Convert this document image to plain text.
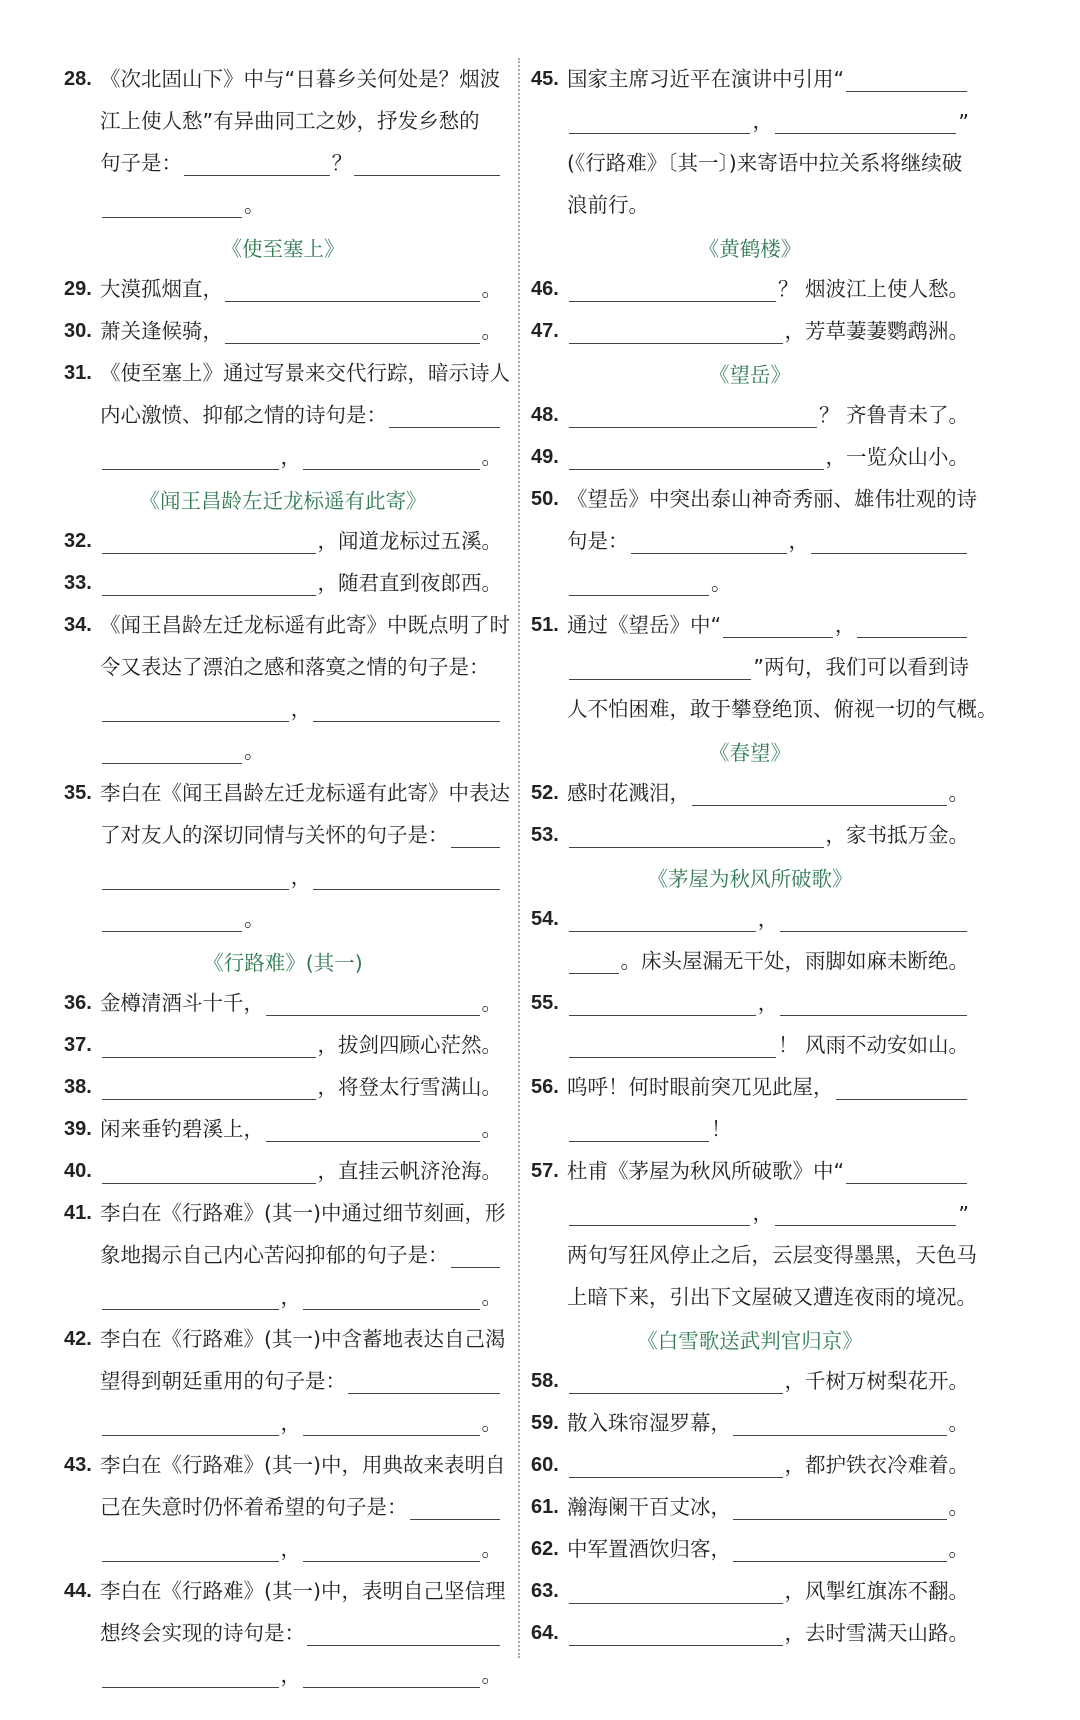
28. 《次北固山下》中与“日暮乡关何处是？烟波
江上使人愁”有异曲同工之妙，抒发乡愁的
句子是：	？
。
《使至塞上》
29. 大漠孤烟直，	。
30. 萧关逢候骑，	。
31. 《使至塞上》通过写景来交代行踪，暗示诗人
内心激愤、抑郁之情的诗句是：
，	。
《闻王昌龄左迁龙标遥有此寄》
32.	，闻道龙标过五溪。
33.	，随君直到夜郎西。
34. 《闻王昌龄左迁龙标遥有此寄》中既点明了时
令又表达了漂泊之感和落寞之情的句子是：
，
。
35. 李白在《闻王昌龄左迁龙标遥有此寄》中表达
了对友人的深切同情与关怀的句子是：
，
。
《行路难》(其一)
36. 金樽清酒斗十千，	。
37.	，拔剑四顾心茫然。
38.	，将登太行雪满山。
39. 闲来垂钓碧溪上，	。
40.	，直挂云帆济沧海。
41. 李白在《行路难》(其一)中通过细节刻画，形
象地揭示自己内心苦闷抑郁的句子是：
，	。
42. 李白在《行路难》(其一)中含蓄地表达自己渴
望得到朝廷重用的句子是：
，	。
43. 李白在《行路难》(其一)中，用典故来表明自
己在失意时仍怀着希望的句子是：
，	。
44. 李白在《行路难》(其一)中，表明自己坚信理
想终会实现的诗句是：
，	。
45. 国家主席习近平在演讲中引用“
，	”
(《行路难》〔其一〕)来寄语中拉关系将继续破
浪前行。
《黄鹤楼》
46.	？ 烟波江上使人愁。
47.	，芳草萋萋鹦鹉洲。
《望岳》
48.	？ 齐鲁青未了。
49.	，一览众山小。
50. 《望岳》中突出泰山神奇秀丽、雄伟壮观的诗
句是：	，
。
51. 通过《望岳》中“	，
”两句，我们可以看到诗
人不怕困难，敢于攀登绝顶、俯视一切的气概。
《春望》
52. 感时花溅泪，	。
53.	，家书抵万金。
《茅屋为秋风所破歌》
54.	，
。床头屋漏无干处，雨脚如麻未断绝。
55.	，
！ 风雨不动安如山。
56. 呜呼！何时眼前突兀见此屋，
！
57. 杜甫《茅屋为秋风所破歌》中“
，	”
两句写狂风停止之后，云层变得墨黑，天色马
上暗下来，引出下文屋破又遭连夜雨的境况。
《白雪歌送武判官归京》
58.	，千树万树梨花开。
59. 散入珠帘湿罗幕，	。
60.	，都护铁衣冷难着。
61. 瀚海阑干百丈冰，	。
62. 中军置酒饮归客，	。
63.	，风掣红旗冻不翻。
64.	，去时雪满天山路。
